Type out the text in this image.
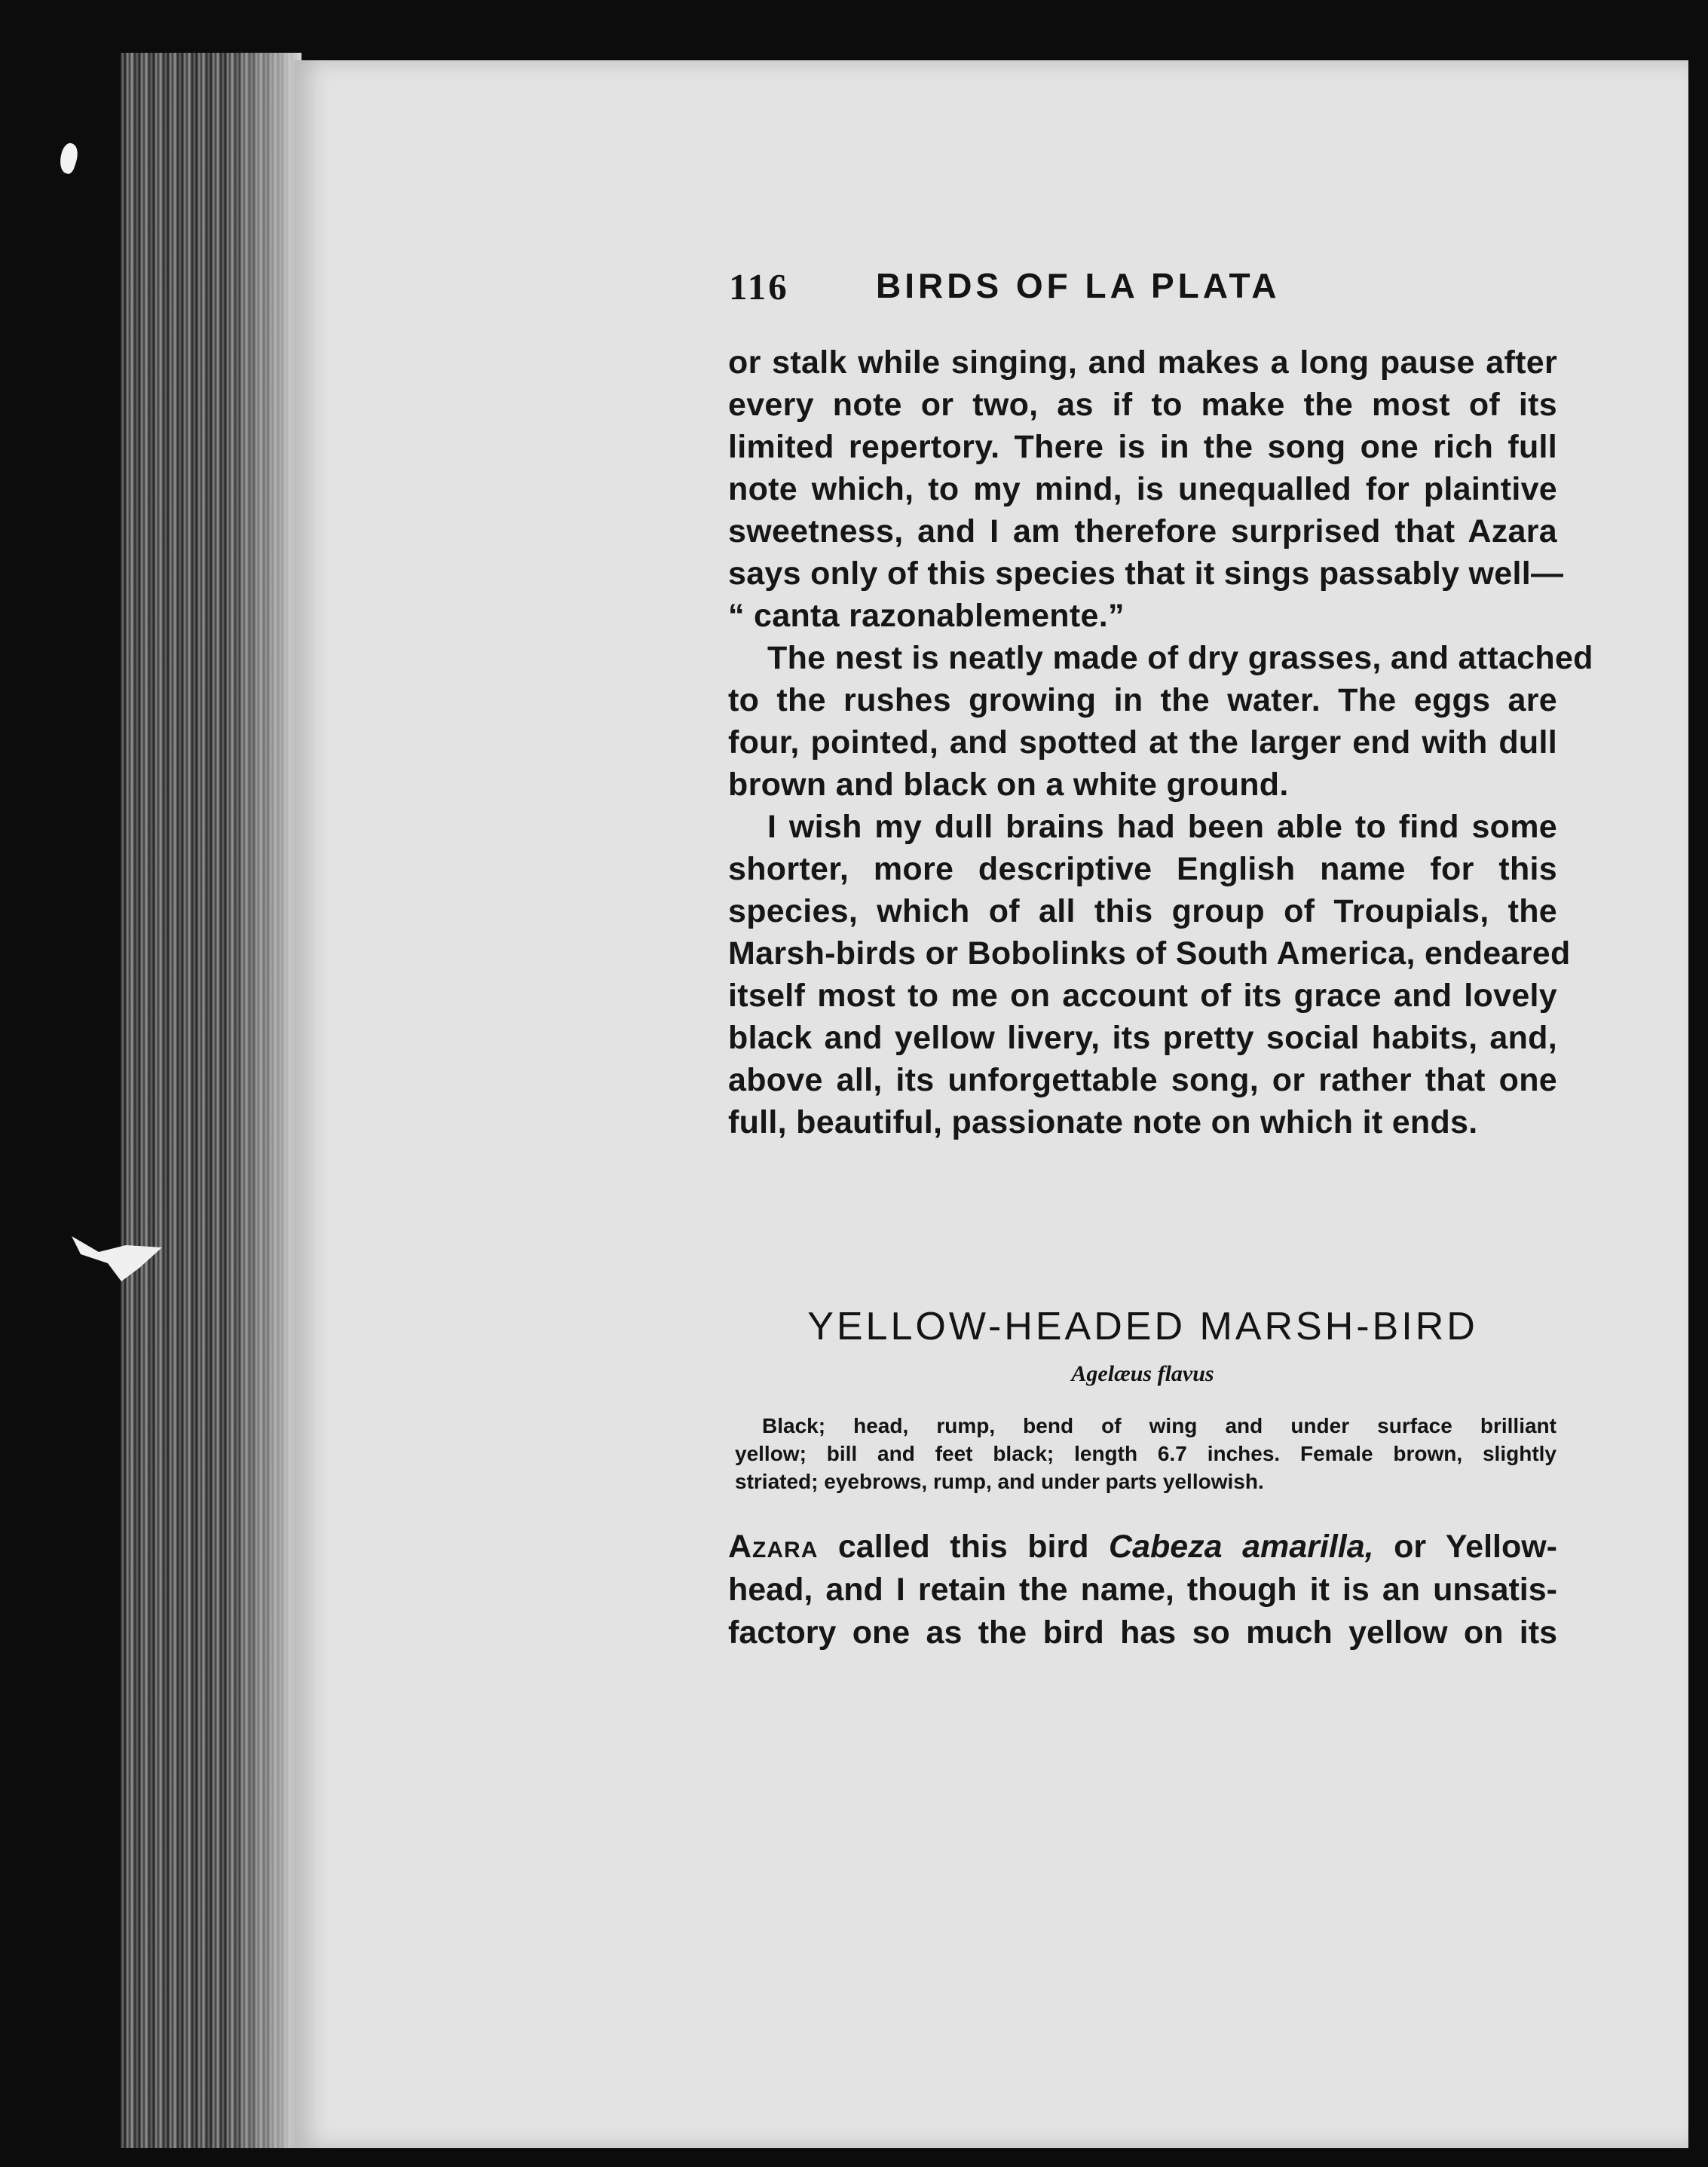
116	BIRDS OF LA PLATA
or stalk while singing, and makes a long pause after
every note or two, as if to make the most of its
limited repertory. There is in the song one rich full
note which, to my mind, is unequalled for plaintive
sweetness, and I am therefore surprised that Azara
says only of this species that it sings passably well—
“ canta razonablemente.”
The nest is neatly made of dry grasses, and attached
to the rushes growing in the water. The eggs are
four, pointed, and spotted at the larger end with dull
brown and black on a white ground.
I wish my dull brains had been able to find some
shorter, more descriptive English name for this
species, which of all this group of Troupials, the
Marsh-birds or Bobolinks of South America, endeared
itself most to me on account of its grace and lovely
black and yellow livery, its pretty social habits, and,
above all, its unforgettable song, or rather that one
full, beautiful, passionate note on which it ends.
YELLOW-HEADED MARSH-BIRD
Agelæus flavus
Black; head, rump, bend of wing and under surface brilliant
yellow; bill and feet black; length 6.7 inches. Female brown, slightly
striated; eyebrows, rump, and under parts yellowish.
Azara called this bird Cabeza amarilla, or Yellow-
head, and I retain the name, though it is an unsatis-
factory one as the bird has so much yellow on its
